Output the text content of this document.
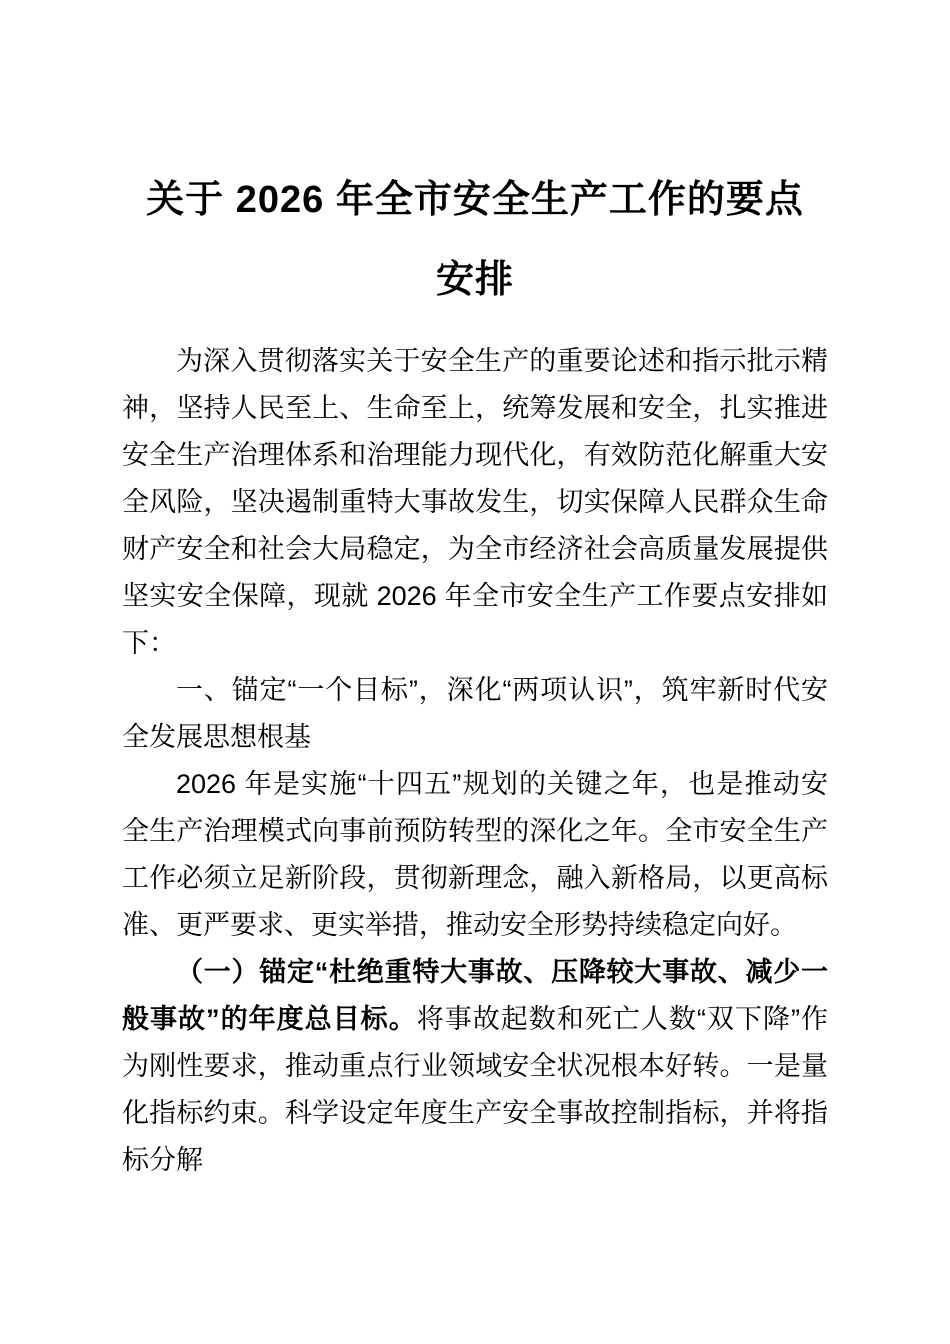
关于 2026 年全市安全生产工作的要点
安排

为深入贯彻落实关于安全生产的重要论述和指示批示精神，坚持人民至上、生命至上，统筹发展和安全，扎实推进安全生产治理体系和治理能力现代化，有效防范化解重大安全风险，坚决遏制重特大事故发生，切实保障人民群众生命财产安全和社会大局稳定，为全市经济社会高质量发展提供坚实安全保障，现就 2026 年全市安全生产工作要点安排如下：

一、锚定“一个目标”，深化“两项认识”，筑牢新时代安全发展思想根基

2026 年是实施“十四五”规划的关键之年，也是推动安全生产治理模式向事前预防转型的深化之年。全市安全生产工作必须立足新阶段，贯彻新理念，融入新格局，以更高标准、更严要求、更实举措，推动安全形势持续稳定向好。

（一）锚定“杜绝重特大事故、压降较大事故、减少一般事故”的年度总目标。将事故起数和死亡人数“双下降”作为刚性要求，推动重点行业领域安全状况根本好转。一是量化指标约束。科学设定年度生产安全事故控制指标，并将指标分解
